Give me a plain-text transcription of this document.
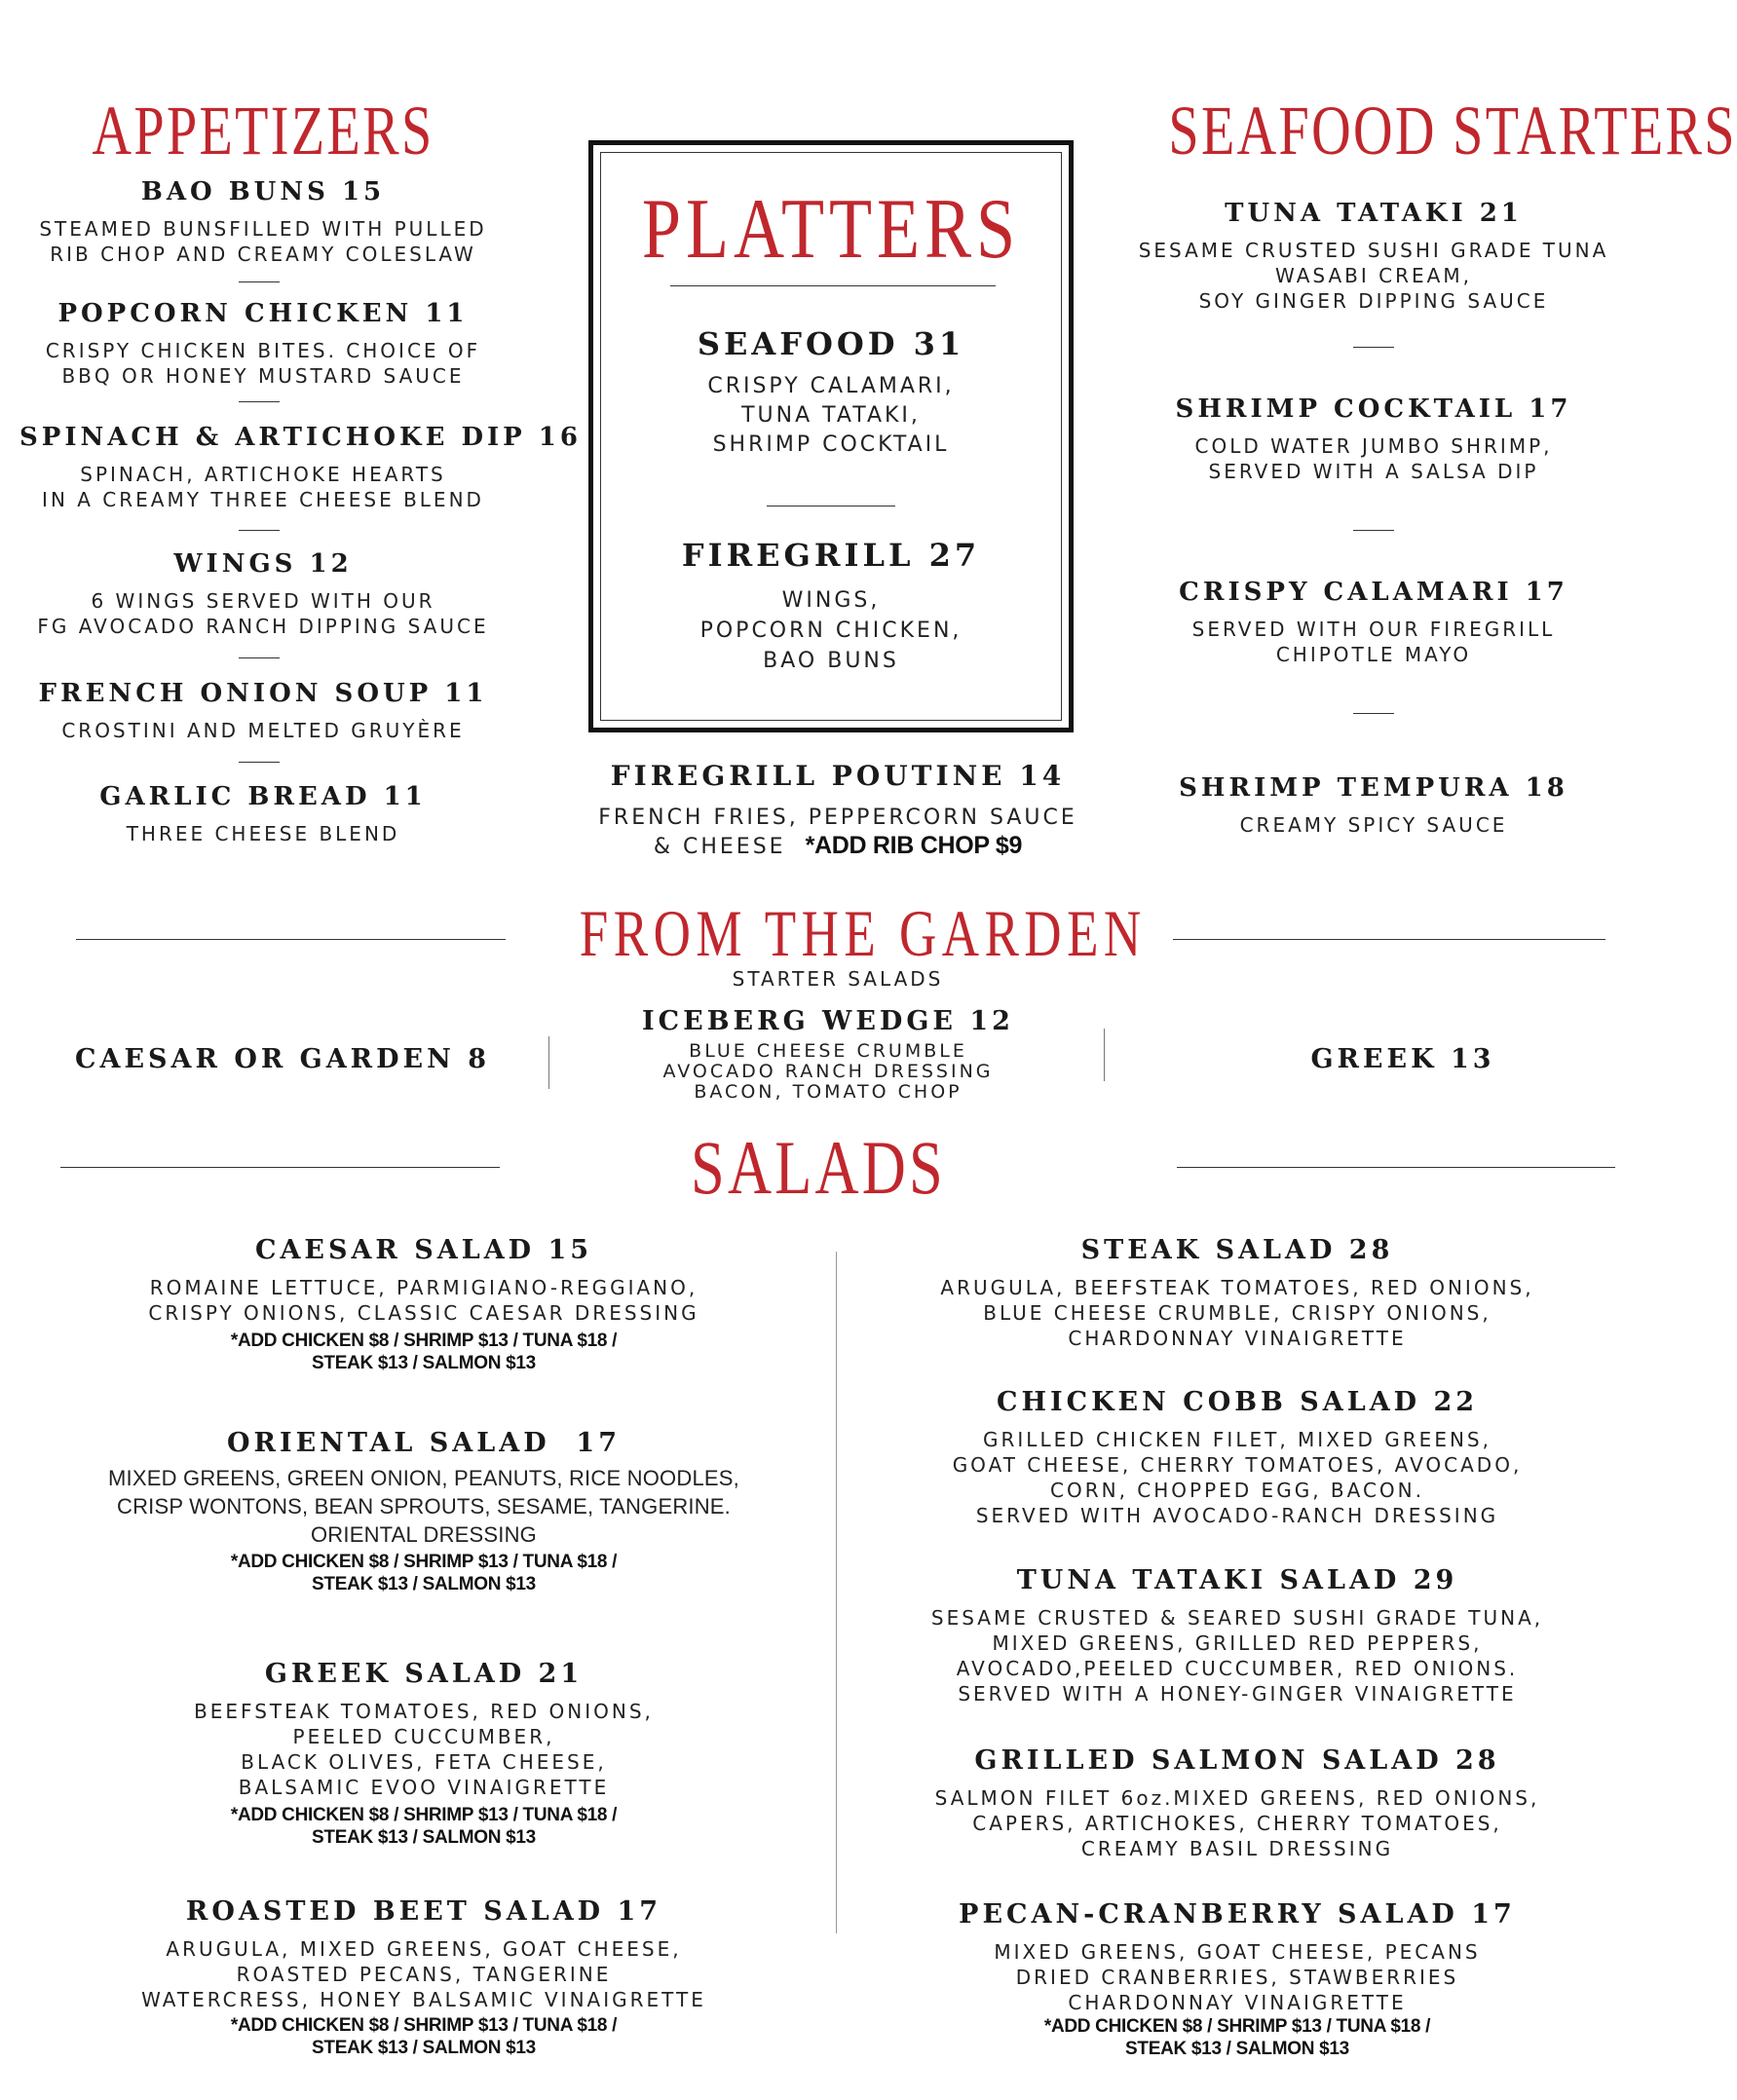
APPETIZERS
BAO BUNS 15
STEAMED BUNSFILLED WITH PULLED
RIB CHOP AND CREAMY COLESLAW
POPCORN CHICKEN 11
CRISPY CHICKEN BITES. CHOICE OF
BBQ OR HONEY MUSTARD SAUCE
SPINACH & ARTICHOKE DIP 16
SPINACH, ARTICHOKE HEARTS
IN A CREAMY THREE CHEESE BLEND
WINGS 12
6 WINGS SERVED WITH OUR
FG AVOCADO RANCH DIPPING SAUCE
FRENCH ONION SOUP 11
CROSTINI AND MELTED GRUYÈRE
GARLIC BREAD 11
THREE CHEESE BLEND
PLATTERS
SEAFOOD 31
CRISPY CALAMARI,
TUNA TATAKI,
SHRIMP COCKTAIL
FIREGRILL 27
WINGS,
POPCORN CHICKEN,
BAO BUNS
FIREGRILL POUTINE 14
FRENCH FRIES, PEPPERCORN SAUCE
& CHEESE *ADD RIB CHOP $9
SEAFOOD STARTERS
TUNA TATAKI 21
SESAME CRUSTED SUSHI GRADE TUNA
WASABI CREAM,
SOY GINGER DIPPING SAUCE
SHRIMP COCKTAIL 17
COLD WATER JUMBO SHRIMP,
SERVED WITH A SALSA DIP
CRISPY CALAMARI 17
SERVED WITH OUR FIREGRILL
CHIPOTLE MAYO
SHRIMP TEMPURA 18
CREAMY SPICY SAUCE
FROM THE GARDEN
STARTER SALADS
CAESAR OR GARDEN 8
ICEBERG WEDGE 12
BLUE CHEESE CRUMBLE
AVOCADO RANCH DRESSING
BACON, TOMATO CHOP
GREEK 13
SALADS
CAESAR SALAD 15
ROMAINE LETTUCE, PARMIGIANO-REGGIANO,
CRISPY ONIONS, CLASSIC CAESAR DRESSING
*ADD CHICKEN $8 / SHRIMP $13 / TUNA $18 /
STEAK $13 / SALMON $13
ORIENTAL SALAD  17
MIXED GREENS, GREEN ONION, PEANUTS, RICE NOODLES,
CRISP WONTONS, BEAN SPROUTS, SESAME, TANGERINE.
ORIENTAL DRESSING
*ADD CHICKEN $8 / SHRIMP $13 / TUNA $18 /
STEAK $13 / SALMON $13
GREEK SALAD 21
BEEFSTEAK TOMATOES, RED ONIONS,
PEELED CUCCUMBER,
BLACK OLIVES, FETA CHEESE,
BALSAMIC EVOO VINAIGRETTE
*ADD CHICKEN $8 / SHRIMP $13 / TUNA $18 /
STEAK $13 / SALMON $13
ROASTED BEET SALAD 17
ARUGULA, MIXED GREENS, GOAT CHEESE,
ROASTED PECANS, TANGERINE
WATERCRESS, HONEY BALSAMIC VINAIGRETTE
*ADD CHICKEN $8 / SHRIMP $13 / TUNA $18 /
STEAK $13 / SALMON $13
STEAK SALAD 28
ARUGULA, BEEFSTEAK TOMATOES, RED ONIONS,
BLUE CHEESE CRUMBLE, CRISPY ONIONS,
CHARDONNAY VINAIGRETTE
CHICKEN COBB SALAD 22
GRILLED CHICKEN FILET, MIXED GREENS,
GOAT CHEESE, CHERRY TOMATOES, AVOCADO,
CORN, CHOPPED EGG, BACON.
SERVED WITH AVOCADO-RANCH DRESSING
TUNA TATAKI SALAD 29
SESAME CRUSTED & SEARED SUSHI GRADE TUNA,
MIXED GREENS, GRILLED RED PEPPERS,
AVOCADO,PEELED CUCCUMBER, RED ONIONS.
SERVED WITH A HONEY-GINGER VINAIGRETTE
GRILLED SALMON SALAD 28
SALMON FILET 6oz.MIXED GREENS, RED ONIONS,
CAPERS, ARTICHOKES, CHERRY TOMATOES,
CREAMY BASIL DRESSING
PECAN-CRANBERRY SALAD 17
MIXED GREENS, GOAT CHEESE, PECANS
DRIED CRANBERRIES, STAWBERRIES
CHARDONNAY VINAIGRETTE
*ADD CHICKEN $8 / SHRIMP $13 / TUNA $18 /
STEAK $13 / SALMON $13
